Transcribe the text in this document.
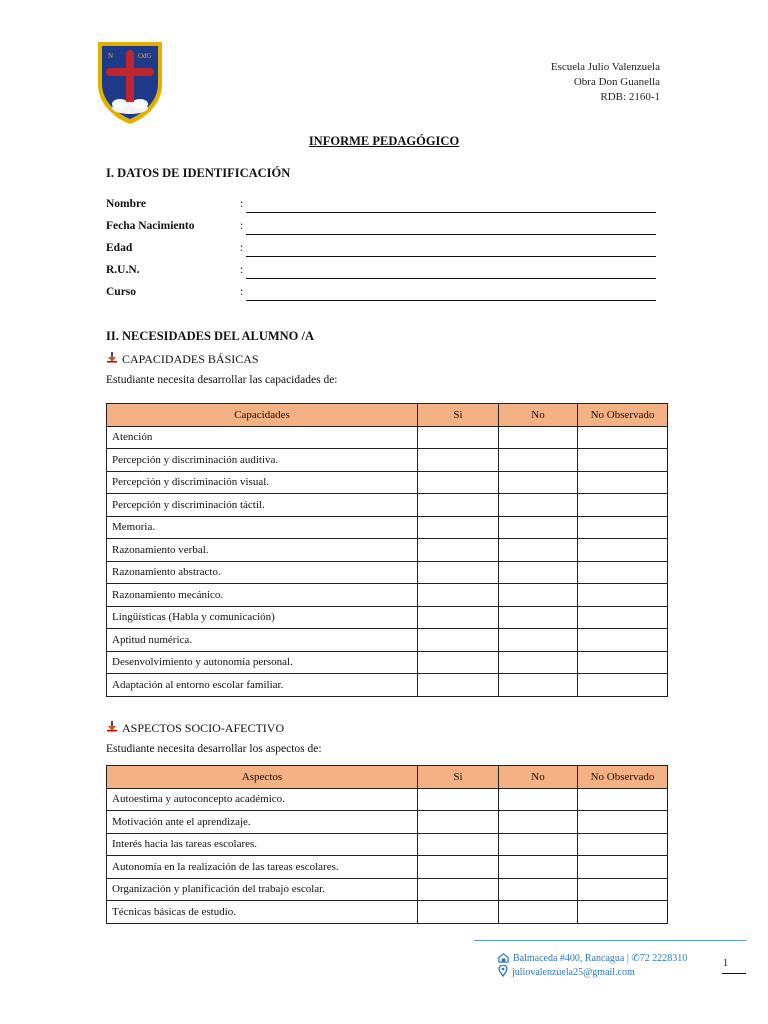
OdG
N
Escuela Julio Valenzuela
Obra Don Guanella
RDB: 2160-1
INFORME PEDAGÓGICO
I. DATOS DE IDENTIFICACIÓN
Nombre	:
Fecha Nacimiento	:
Edad	:
R.U.N.	:
Curso	:
II. NECESIDADES DEL ALUMNO /A
CAPACIDADES BÁSICAS
Estudiante necesita desarrollar las capacidades de:
Capacidades	Si	No	No Observado
Atención			
Percepción y discriminación auditiva.			
Percepción y discriminación visual.			
Percepción y discriminación táctil.			
Memoria.			
Razonamiento verbal.			
Razonamiento abstracto.			
Razonamiento mecánico.			
Lingüísticas (Habla y comunicación)			
Aptitud numérica.			
Desenvolvimiento y autonomía personal.			
Adaptación al entorno escolar familiar.			
ASPECTOS SOCIO-AFECTIVO
Estudiante necesita desarrollar los aspectos de:
Aspectos	Si	No	No Observado
Autoestima y autoconcepto académico.			
Motivación ante el aprendizaje.			
Interés hacia las tareas escolares.			
Autonomía en la realización de las tareas escolares.			
Organización y planificación del trabajo escolar.			
Técnicas básicas de estudio.			
Balmaceda #400, Rancagua | ✆72 2228310
juliovalenzuela25@gmail.com
1
